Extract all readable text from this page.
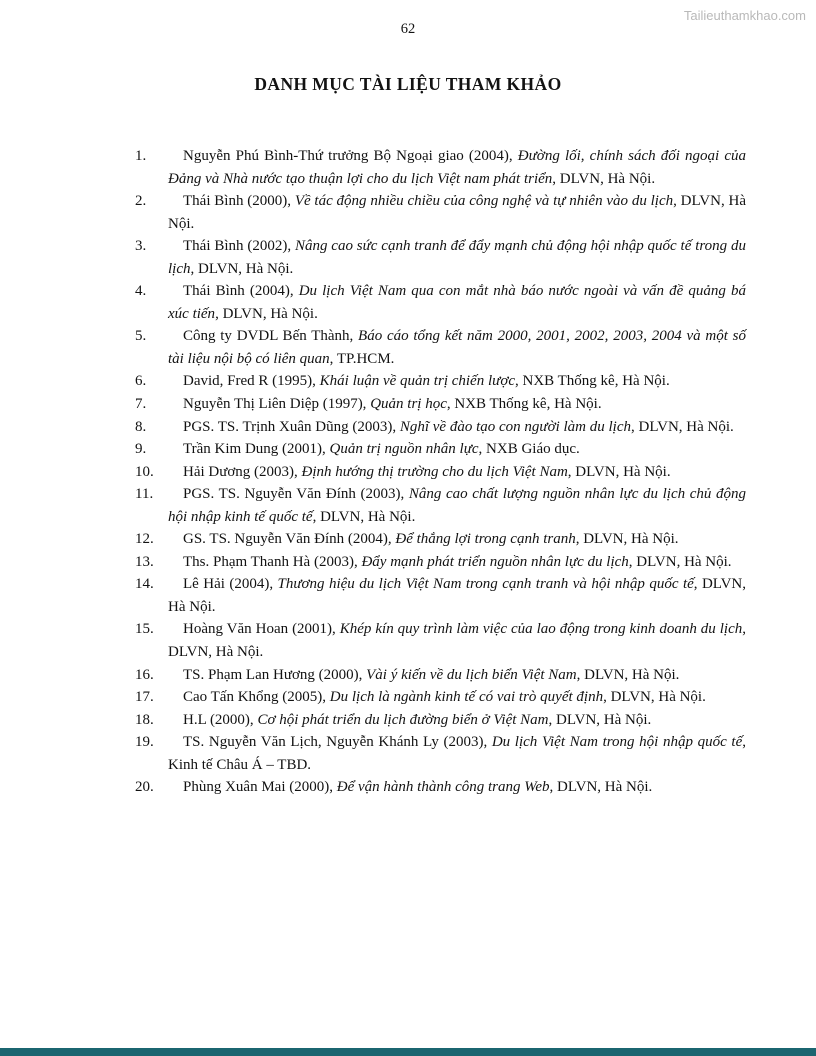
Tailieuthamkhao.com
62
DANH MỤC TÀI LIỆU THAM KHẢO
1. Nguyễn Phú Bình-Thứ trưởng Bộ Ngoại giao (2004), Đường lối, chính sách đối ngoại của Đảng và Nhà nước tạo thuận lợi cho du lịch Việt nam phát triển, DLVN, Hà Nội.
2. Thái Bình (2000), Về tác động nhiều chiều của công nghệ và tự nhiên vào du lịch, DLVN, Hà Nội.
3. Thái Bình (2002), Nâng cao sức cạnh tranh để đẩy mạnh chủ động hội nhập quốc tế trong du lịch, DLVN, Hà Nội.
4. Thái Bình (2004), Du lịch Việt Nam qua con mắt nhà báo nước ngoài và vấn đề quảng bá xúc tiến, DLVN, Hà Nội.
5. Công ty DVDL Bến Thành, Báo cáo tổng kết năm 2000, 2001, 2002, 2003, 2004 và một số tài liệu nội bộ có liên quan, TP.HCM.
6. David, Fred R (1995), Khái luận về quản trị chiến lược, NXB Thống kê, Hà Nội.
7. Nguyễn Thị Liên Diệp (1997), Quản trị học, NXB Thống kê, Hà Nội.
8. PGS. TS. Trịnh Xuân Dũng (2003), Nghĩ về đào tạo con người làm du lịch, DLVN, Hà Nội.
9. Trần Kim Dung (2001), Quản trị nguồn nhân lực, NXB Giáo dục.
10. Hải Dương (2003), Định hướng thị trường cho du lịch Việt Nam, DLVN, Hà Nội.
11. PGS. TS. Nguyễn Văn Đính (2003), Nâng cao chất lượng nguồn nhân lực du lịch chủ động hội nhập kinh tế quốc tế, DLVN, Hà Nội.
12. GS. TS. Nguyễn Văn Đính (2004), Để thắng lợi trong cạnh tranh, DLVN, Hà Nội.
13. Ths. Phạm Thanh Hà (2003), Đẩy mạnh phát triển nguồn nhân lực du lịch, DLVN, Hà Nội.
14. Lê Hải (2004), Thương hiệu du lịch Việt Nam trong cạnh tranh và hội nhập quốc tế, DLVN, Hà Nội.
15. Hoàng Văn Hoan (2001), Khép kín quy trình làm việc của lao động trong kinh doanh du lịch, DLVN, Hà Nội.
16. TS. Phạm Lan Hương (2000), Vài ý kiến về du lịch biển Việt Nam, DLVN, Hà Nội.
17. Cao Tấn Khổng (2005), Du lịch là ngành kinh tế có vai trò quyết định, DLVN, Hà Nội.
18. H.L (2000), Cơ hội phát triển du lịch đường biển ở Việt Nam, DLVN, Hà Nội.
19. TS. Nguyễn Văn Lịch, Nguyễn Khánh Ly (2003), Du lịch Việt Nam trong hội nhập quốc tế, Kinh tế Châu Á – TBD.
20. Phùng Xuân Mai (2000), Để vận hành thành công trang Web, DLVN, Hà Nội.
